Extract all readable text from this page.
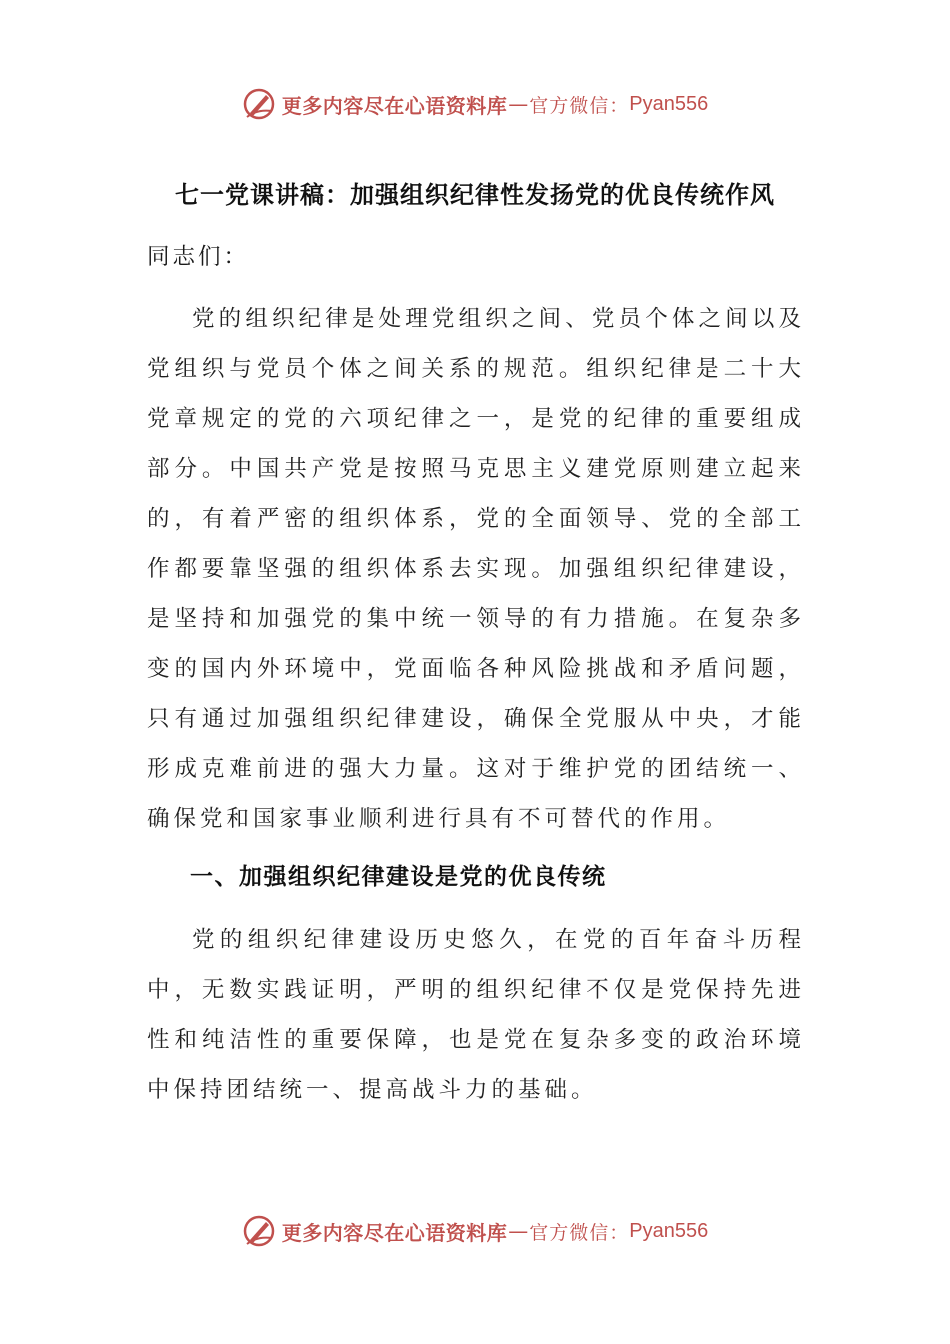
更多内容尽在心语资料库 — 官方微信： Pyan556
七一党课讲稿：加强组织纪律性发扬党的优良传统作风
同志们：

党的组织纪律是处理党组织之间、党员个体之间以及党组织与党员个体之间关系的规范。组织纪律是二十大党章规定的党的六项纪律之一，是党的纪律的重要组成部分。中国共产党是按照马克思主义建党原则建立起来的，有着严密的组织体系，党的全面领导、党的全部工作都要靠坚强的组织体系去实现。加强组织纪律建设，是坚持和加强党的集中统一领导的有力措施。在复杂多变的国内外环境中，党面临各种风险挑战和矛盾问题，只有通过加强组织纪律建设，确保全党服从中央，才能形成克难前进的强大力量。这对于维护党的团结统一、确保党和国家事业顺利进行具有不可替代的作用。

一、加强组织纪律建设是党的优良传统

党的组织纪律建设历史悠久，在党的百年奋斗历程中，无数实践证明，严明的组织纪律不仅是党保持先进性和纯洁性的重要保障，也是党在复杂多变的政治环境中保持团结统一、提高战斗力的基础。

更多内容尽在心语资料库 — 官方微信： Pyan556
